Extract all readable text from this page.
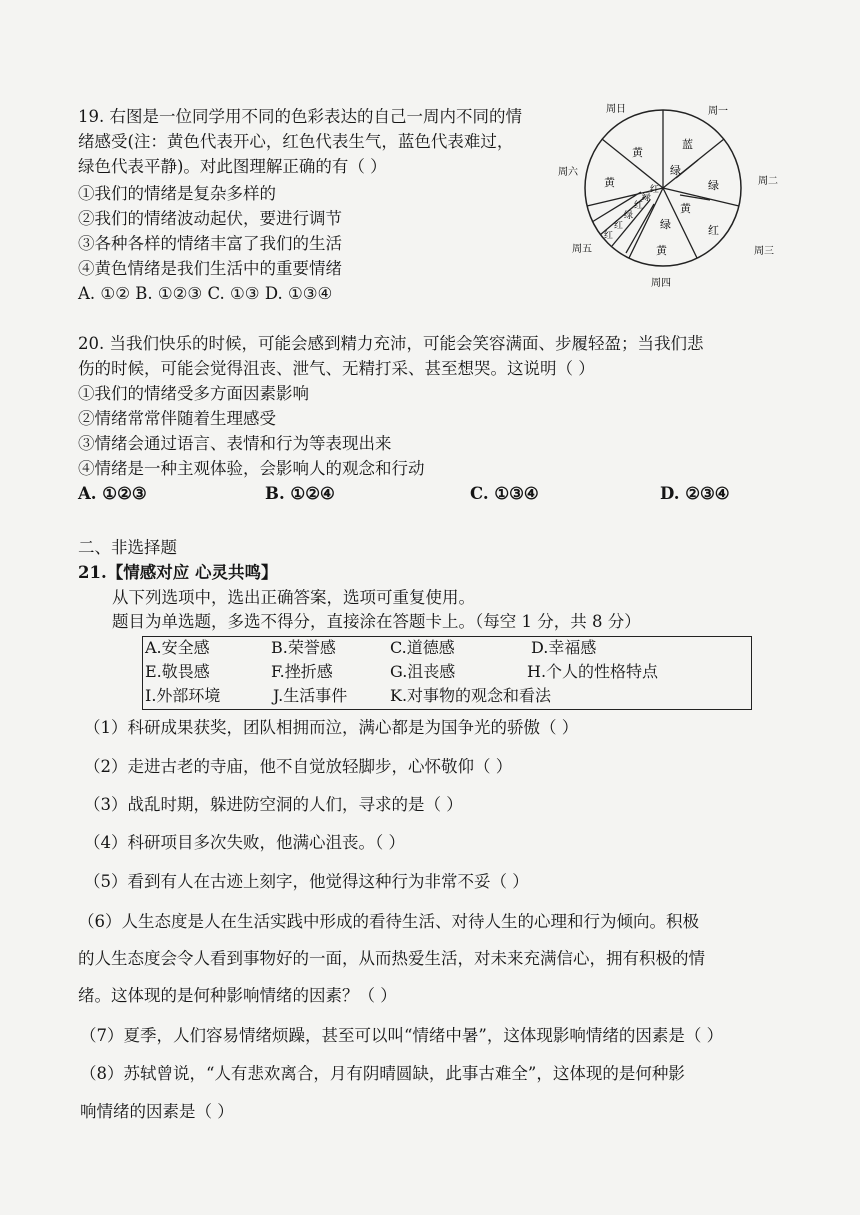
19. 右图是一位同学用不同的色彩表达的自己一周内不同的情
绪感受(注：黄色代表开心，红色代表生气，蓝色代表难过，
绿色代表平静)。对此图理解正确的有（ ）
①我们的情绪是复杂多样的
②我们的情绪波动起伏，要进行调节
③各种各样的情绪丰富了我们的生活
④黄色情绪是我们生活中的重要情绪
A. ①② B. ①②③ C. ①③ D. ①③④
周日	周一
周二
周三
周四
周五
周六
黄
蓝
绿
绿
黄
红
绿
黄
红
红
绿
红
绿
红
黄
20. 当我们快乐的时候，可能会感到精力充沛，可能会笑容满面、步履轻盈；当我们悲
伤的时候，可能会觉得沮丧、泄气、无精打采、甚至想哭。这说明（ ）
①我们的情绪受多方面因素影响
②情绪常常伴随着生理感受
③情绪会通过语言、表情和行为等表现出来
④情绪是一种主观体验，会影响人的观念和行动
A. ①②③	B. ①②④	C. ①③④	D. ②③④
二、非选择题
21.【情感对应 心灵共鸣】
从下列选项中，选出正确答案，选项可重复使用。
题目为单选题，多选不得分，直接涂在答题卡上。（每空 1 分，共 8 分）
A.安全感	B.荣誉感	C.道德感	D.幸福感
E.敬畏感	F.挫折感	G.沮丧感	H.个人的性格特点
I.外部环境	J.生活事件	K.对事物的观念和看法
（1）科研成果获奖，团队相拥而泣，满心都是为国争光的骄傲（ ）
（2）走进古老的寺庙，他不自觉放轻脚步，心怀敬仰（ ）
（3）战乱时期，躲进防空洞的人们，寻求的是（ ）
（4）科研项目多次失败，他满心沮丧。（ ）
（5）看到有人在古迹上刻字，他觉得这种行为非常不妥（ ）
（6）人生态度是人在生活实践中形成的看待生活、对待人生的心理和行为倾向。积极
的人生态度会令人看到事物好的一面，从而热爱生活，对未来充满信心，拥有积极的情
绪。这体现的是何种影响情绪的因素？（ ）
（7）夏季，人们容易情绪烦躁，甚至可以叫“情绪中暑”，这体现影响情绪的因素是（ ）
（8）苏轼曾说，“人有悲欢离合，月有阴晴圆缺，此事古难全”，这体现的是何种影
响情绪的因素是（ ）
